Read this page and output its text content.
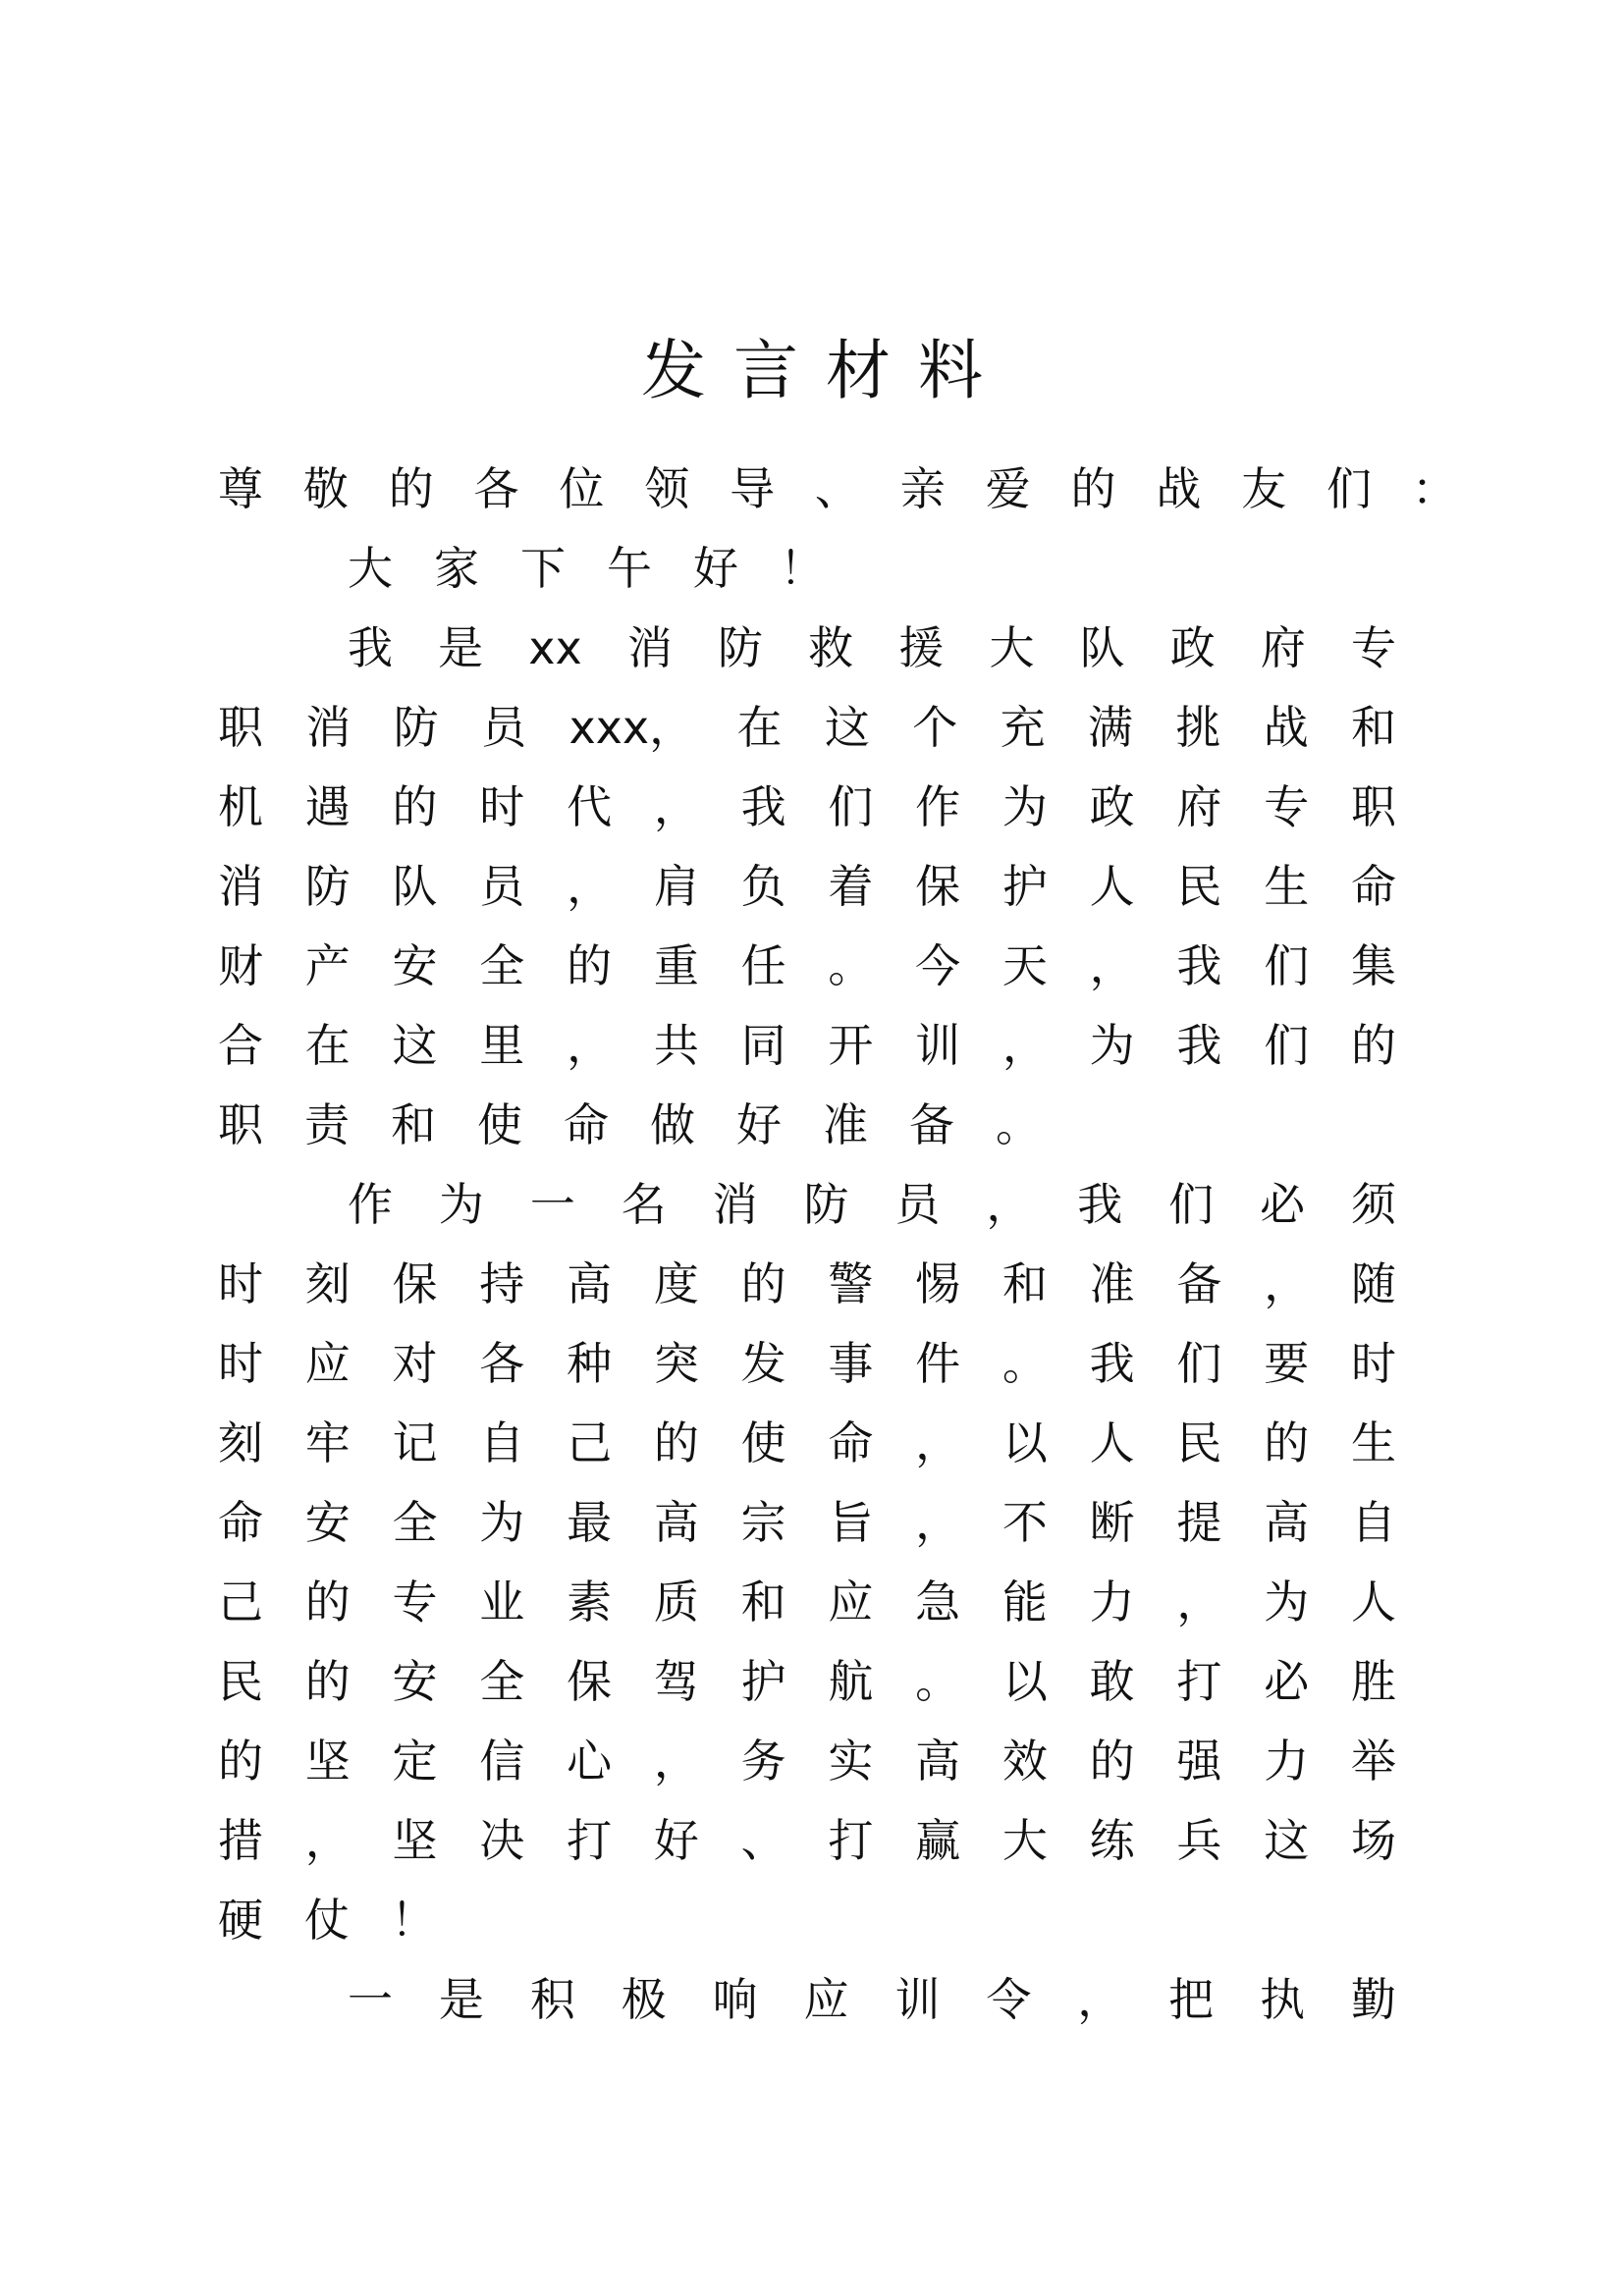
发言材料
尊 敬 的 各 位 领 导 、 亲 爱 的 战 友 们 ：
大 家 下 午 好 ！
我 是 xx 消 防 救 援 大 队 政 府 专
职 消 防 员 xxx， 在 这 个 充 满 挑 战 和
机 遇 的 时 代 ， 我 们 作 为 政 府 专 职
消 防 队 员 ， 肩 负 着 保 护 人 民 生 命
财 产 安 全 的 重 任 。 今 天 ， 我 们 集
合 在 这 里 ， 共 同 开 训 ， 为 我 们 的
职 责 和 使 命 做 好 准 备 。
作 为 一 名 消 防 员 ， 我 们 必 须
时 刻 保 持 高 度 的 警 惕 和 准 备 ， 随
时 应 对 各 种 突 发 事 件 。 我 们 要 时
刻 牢 记 自 己 的 使 命 ， 以 人 民 的 生
命 安 全 为 最 高 宗 旨 ， 不 断 提 高 自
己 的 专 业 素 质 和 应 急 能 力 ， 为 人
民 的 安 全 保 驾 护 航 。 以 敢 打 必 胜
的 坚 定 信 心 ， 务 实 高 效 的 强 力 举
措 ， 坚 决 打 好 、 打 赢 大 练 兵 这 场
硬 仗 ！
一 是 积 极 响 应 训 令 ， 把 执 勤
